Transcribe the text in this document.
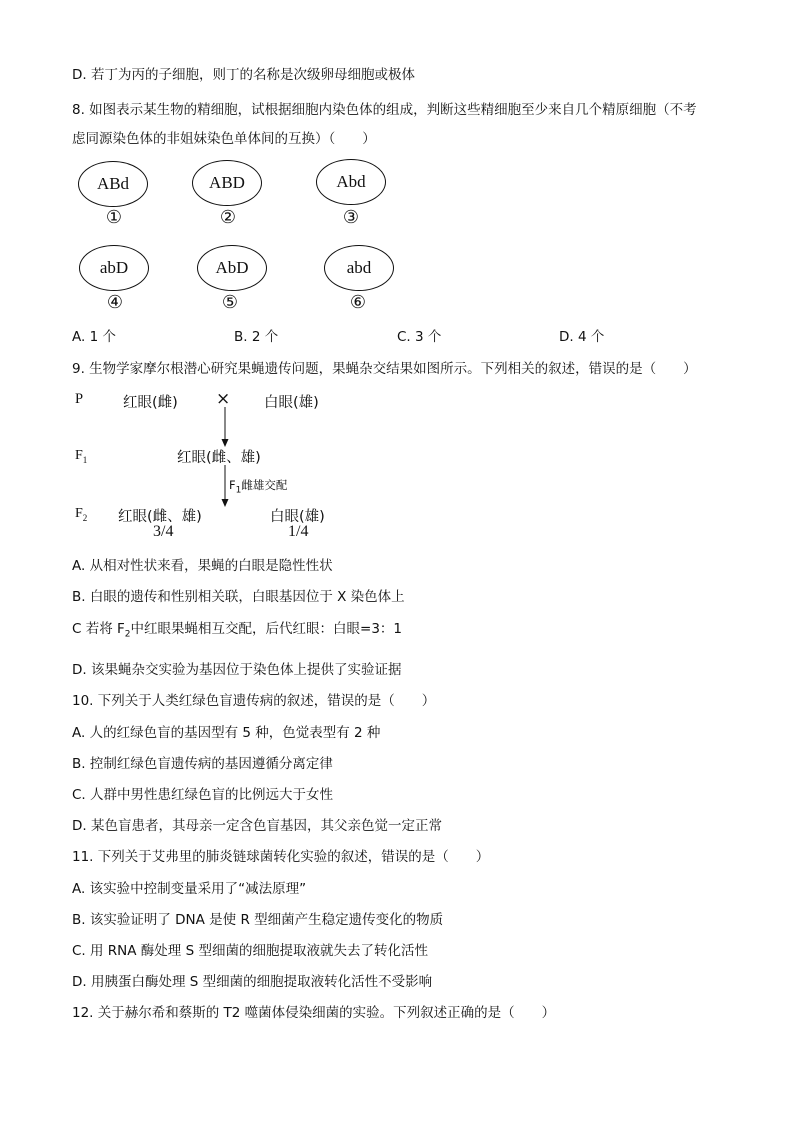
D. 若丁为丙的子细胞，则丁的名称是次级卵母细胞或极体
8. 如图表示某生物的精细胞，试根据细胞内染色体的组成，判断这些精细胞至少来自几个精原细胞（不考
虑同源染色体的非姐妹染色单体间的互换）（　　）
ABd
①
ABD
②
Abd
③
abD
④
AbD
⑤
abd
⑥
A. 1 个	B. 2 个	C. 3 个	D. 4 个
9. 生物学家摩尔根潜心研究果蝇遗传问题，果蝇杂交结果如图所示。下列相关的叙述，错误的是（　　）
P	红眼(雌) × 白眼(雄)
$F_1$	红眼(雌、雄)
$F_1$雌雄交配
$F_2$ 红眼(雌、雄)	白眼(雄)
3/4	1/4
A. 从相对性状来看，果蝇的白眼是隐性性状
B. 白眼的遗传和性别相关联，白眼基因位于 X 染色体上
C 若将 $F_2$中红眼果蝇相互交配，后代红眼：白眼=3：1
D. 该果蝇杂交实验为基因位于染色体上提供了实验证据
10. 下列关于人类红绿色盲遗传病的叙述，错误的是（　　）
A. 人的红绿色盲的基因型有 5 种，色觉表型有 2 种
B. 控制红绿色盲遗传病的基因遵循分离定律
C. 人群中男性患红绿色盲的比例远大于女性
D. 某色盲患者，其母亲一定含色盲基因，其父亲色觉一定正常
11. 下列关于艾弗里的肺炎链球菌转化实验的叙述，错误的是（　　）
A. 该实验中控制变量采用了“减法原理”
B. 该实验证明了 DNA 是使 R 型细菌产生稳定遗传变化的物质
C. 用 RNA 酶处理 S 型细菌的细胞提取液就失去了转化活性
D. 用胰蛋白酶处理 S 型细菌的细胞提取液转化活性不受影响
12. 关于赫尔希和蔡斯的 T2 噬菌体侵染细菌的实验。下列叙述正确的是（　　）
